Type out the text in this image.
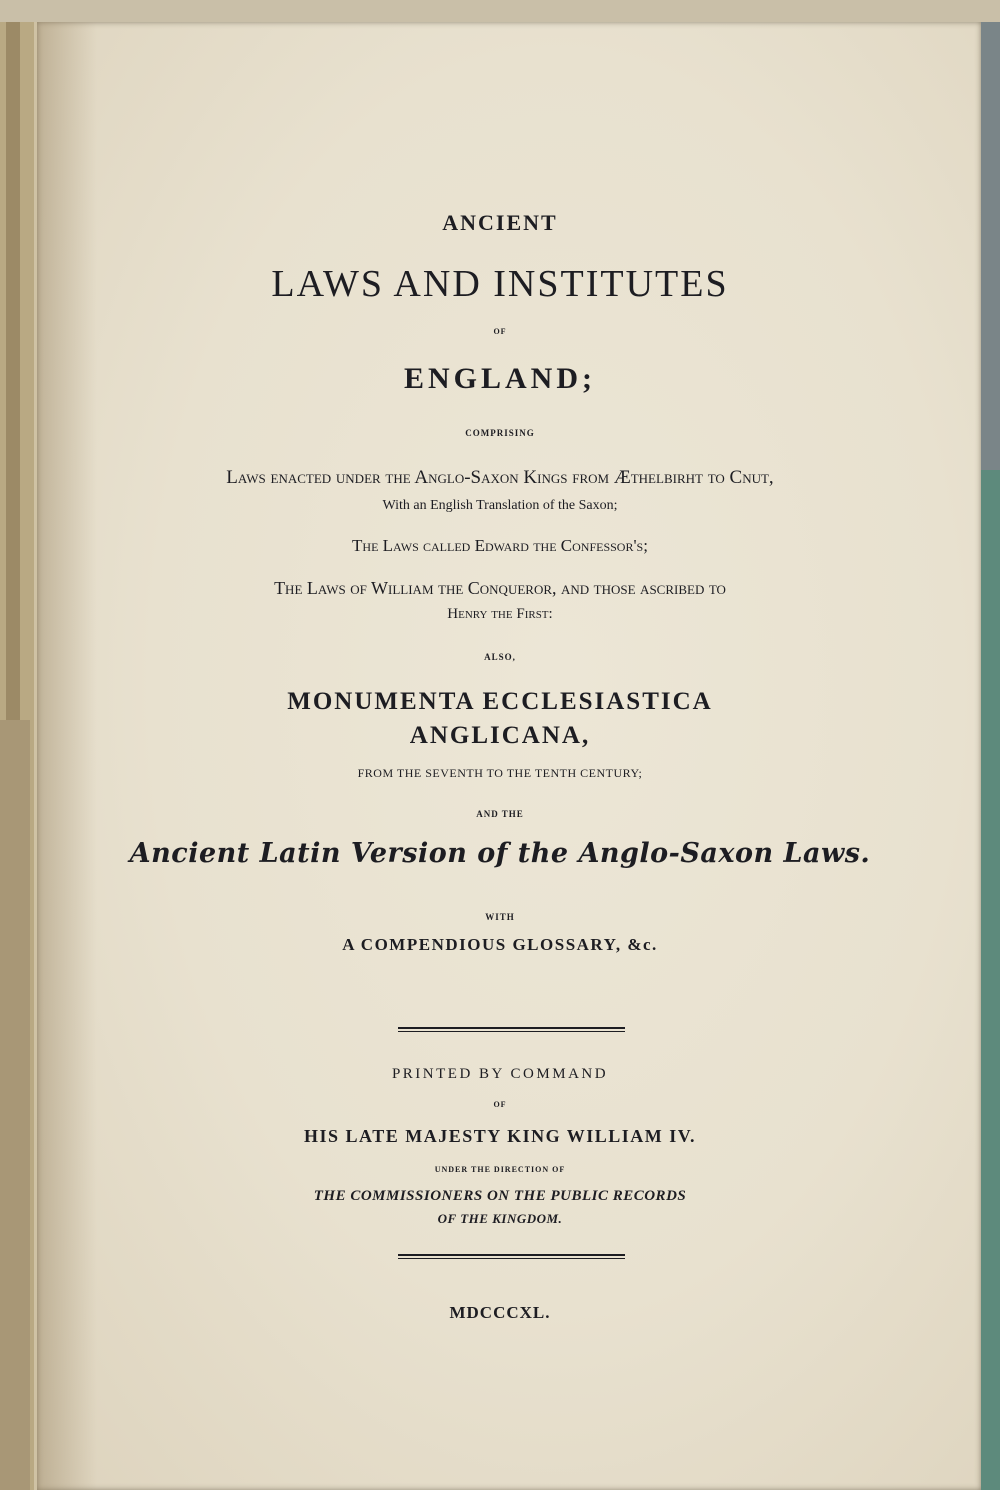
ANCIENT

LAWS AND INSTITUTES

OF

ENGLAND;

COMPRISING

Laws enacted under the Anglo-Saxon Kings from Æthelbirht to Cnut,

With an English Translation of the Saxon;

The Laws called Edward the Confessor's;

The Laws of William the Conqueror, and those ascribed to

Henry the First:

ALSO,

MONUMENTA ECCLESIASTICA

ANGLICANA,

FROM THE SEVENTH TO THE TENTH CENTURY;

AND THE

Ancient Latin Version of the Anglo-Saxon Laws.

WITH

A COMPENDIOUS GLOSSARY, &c.

PRINTED BY COMMAND

OF

HIS LATE MAJESTY KING WILLIAM IV.

UNDER THE DIRECTION OF

THE COMMISSIONERS ON THE PUBLIC RECORDS

OF THE KINGDOM.

MDCCCXL.
